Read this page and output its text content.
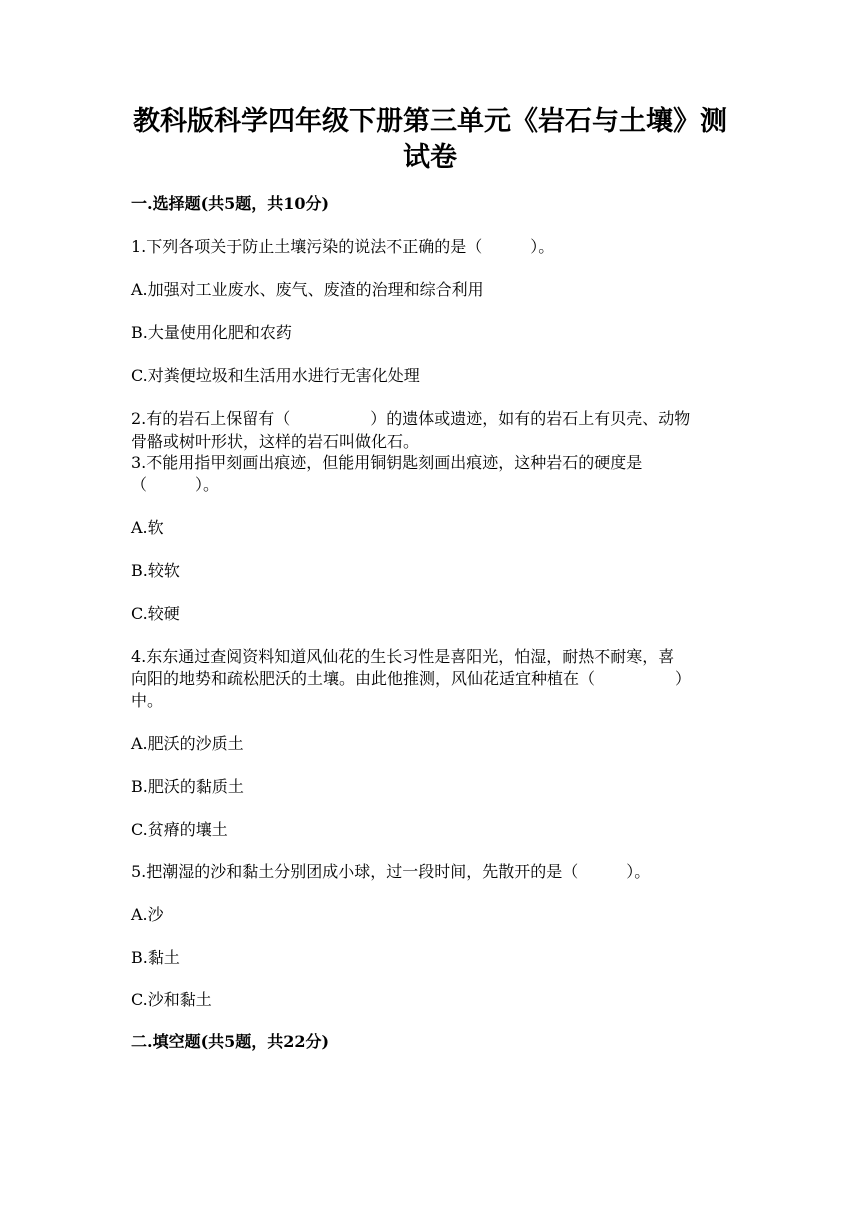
教科版科学四年级下册第三单元《岩石与土壤》测
试卷
一.选择题(共5题，共10分)
1.下列各项关于防止土壤污染的说法不正确的是（　　　）。
A.加强对工业废水、废气、废渣的治理和综合利用
B.大量使用化肥和农药
C.对粪便垃圾和生活用水进行无害化处理
2.有的岩石上保留有（　　　　　）的遗体或遗迹，如有的岩石上有贝壳、动物
骨骼或树叶形状，这样的岩石叫做化石。
3.不能用指甲刻画出痕迹，但能用铜钥匙刻画出痕迹，这种岩石的硬度是
（　　　）。
A.软
B.较软
C.较硬
4.东东通过查阅资料知道风仙花的生长习性是喜阳光，怕湿，耐热不耐寒，喜
向阳的地势和疏松肥沃的土壤。由此他推测，风仙花适宜种植在（　　　　　）
中。
A.肥沃的沙质土
B.肥沃的黏质土
C.贫瘠的壤土
5.把潮湿的沙和黏土分别团成小球，过一段时间，先散开的是（　　　）。
A.沙
B.黏土
C.沙和黏土
二.填空题(共5题，共22分)
